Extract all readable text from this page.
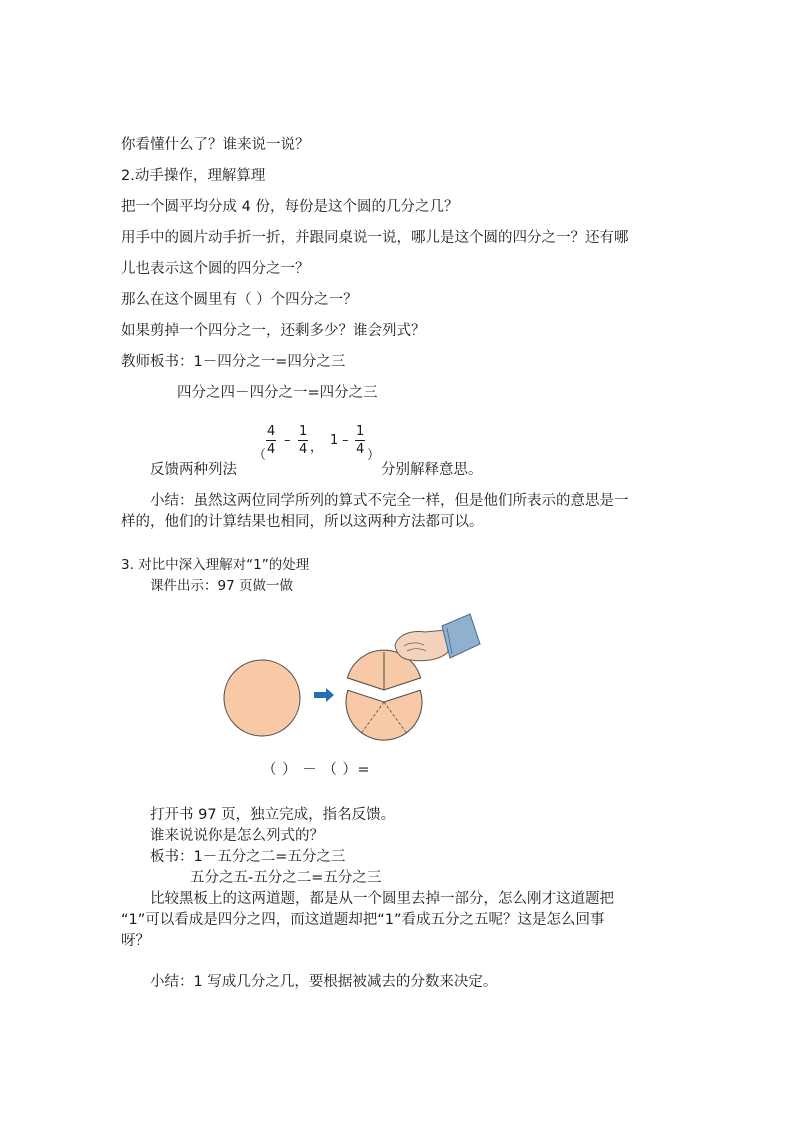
你看懂什么了？谁来说一说？
2.动手操作，理解算理
把一个圆平均分成 4 份，每份是这个圆的几分之几？
用手中的圆片动手折一折，并跟同桌说一说，哪儿是这个圆的四分之一？还有哪
儿也表示这个圆的四分之一？
那么在这个圆里有（ ）个四分之一？
如果剪掉一个四分之一，还剩多少？谁会列式？
教师板书：1－四分之一=四分之三
四分之四－四分之一=四分之三
反馈两种列法
（
4
4
–
1
4 ， 1 –
1
4 ）
分别解释意思。
小结：虽然这两位同学所列的算式不完全一样，但是他们所表示的意思是一
样的，他们的计算结果也相同，所以这两种方法都可以。
3. 对比中深入理解对“1”的处理
课件出示：97 页做一做
（ ） － （ ）=
打开书 97 页，独立完成，指名反馈。
谁来说说你是怎么列式的？
板书：1－五分之二=五分之三
五分之五-五分之二=五分之三
比较黑板上的这两道题，都是从一个圆里去掉一部分，怎么刚才这道题把
“1”可以看成是四分之四，而这道题却把“1”看成五分之五呢？这是怎么回事
呀？
小结：1 写成几分之几，要根据被减去的分数来决定。
